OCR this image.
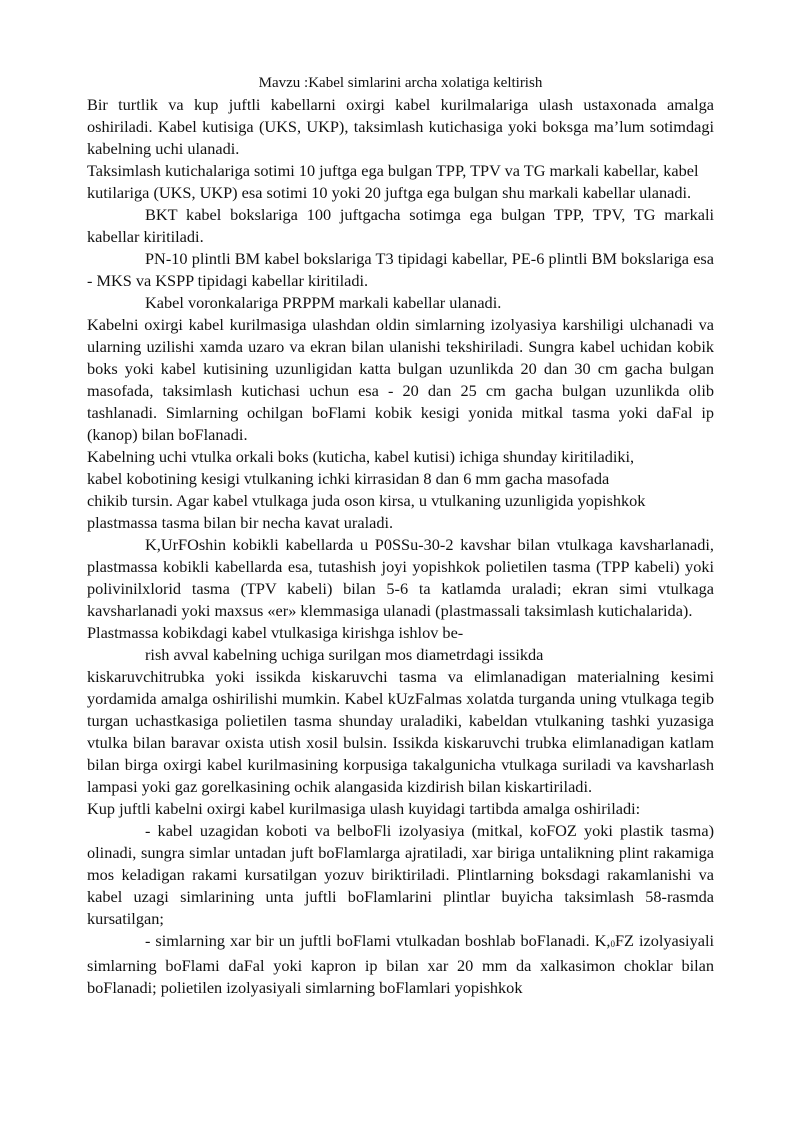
Mavzu :Kabel simlarini archa xolatiga keltirish

Bir turtlik va kup juftli kabellarni oxirgi kabel kurilmalariga ulash ustaxonada amalga oshiriladi. Kabel kutisiga (UKS, UKP), taksimlash kutichasiga yoki boksga ma’lum sotimdagi kabelning uchi ulanadi.

Taksimlash kutichalariga sotimi 10 juftga ega bulgan TPP, TPV va TG markali kabellar, kabel kutilariga (UKS, UKP) esa sotimi 10 yoki 20 juftga ega bulgan shu markali kabellar ulanadi.

BKT kabel bokslariga 100 juftgacha sotimga ega bulgan TPP, TPV, TG markali kabellar kiritiladi.

PN-10 plintli BM kabel bokslariga T3 tipidagi kabellar, PE-6 plintli BM bokslariga esa - MKS va KSPP tipidagi kabellar kiritiladi.

Kabel voronkalariga PRPPM markali kabellar ulanadi.

Kabelni oxirgi kabel kurilmasiga ulashdan oldin simlarning izolyasiya karshiligi ulchanadi va ularning uzilishi xamda uzaro va ekran bilan ulanishi tekshiriladi. Sungra kabel uchidan kobik boks yoki kabel kutisining uzunligidan katta bulgan uzunlikda 20 dan 30 cm gacha bulgan masofada, taksimlash kutichasi uchun esa - 20 dan 25 cm gacha bulgan uzunlikda olib tashlanadi. Simlarning ochilgan boFlami kobik kesigi yonida mitkal tasma yoki daFal ip (kanop) bilan boFlanadi.

Kabelning uchi vtulka orkali boks (kuticha, kabel kutisi) ichiga shunday kiritiladiki,
kabel kobotining kesigi vtulkaning ichki kirrasidan 8 dan 6 mm gacha masofada
chikib tursin. Agar kabel vtulkaga juda oson kirsa, u vtulkaning uzunligida yopishkok
plastmassa tasma bilan bir necha kavat uraladi.

K,UrFOshin kobikli kabellarda u P0SSu-30-2 kavshar bilan vtulkaga kavsharlanadi, plastmassa kobikli kabellarda esa, tutashish joyi yopishkok polietilen tasma (TPP kabeli) yoki polivinilxlorid tasma (TPV kabeli) bilan 5-6 ta katlamda uraladi; ekran simi vtulkaga kavsharlanadi yoki maxsus «er» klemmasiga ulanadi (plastmassali taksimlash kutichalarida).

Plastmassa kobikdagi kabel vtulkasiga kirishga ishlov be-

rish avval kabelning uchiga surilgan mos diametrdagi issikda

kiskaruvchitrubka yoki issikda kiskaruvchi tasma va elimlanadigan materialning kesimi yordamida amalga oshirilishi mumkin. Kabel kUzFalmas xolatda turganda uning vtulkaga tegib turgan uchastkasiga polietilen tasma shunday uraladiki, kabeldan vtulkaning tashki yuzasiga vtulka bilan baravar oxista utish xosil bulsin. Issikda kiskaruvchi trubka elimlanadigan katlam bilan birga oxirgi kabel kurilmasining korpusiga takalgunicha vtulkaga suriladi va kavsharlash lampasi yoki gaz gorelkasining ochik alangasida kizdirish bilan kiskartiriladi.

Kup juftli kabelni oxirgi kabel kurilmasiga ulash kuyidagi tartibda amalga oshiriladi:

- kabel uzagidan koboti va belboFli izolyasiya (mitkal, koFOZ yoki plastik tasma) olinadi, sungra simlar untadan juft boFlamlarga ajratiladi, xar biriga untalikning plint rakamiga mos keladigan rakami kursatilgan yozuv biriktiriladi. Plintlarning boksdagi rakamlanishi va kabel uzagi simlarining unta juftli boFlamlarini plintlar buyicha taksimlash 58-rasmda kursatilgan;

- simlarning xar bir un juftli boFlami vtulkadan boshlab boFlanadi. $K,_0FZ$ izolyasiyali simlarning boFlami daFal yoki kapron ip bilan xar 20 mm da xalkasimon choklar bilan boFlanadi; polietilen izolyasiyali simlarning boFlamlari yopishkok
